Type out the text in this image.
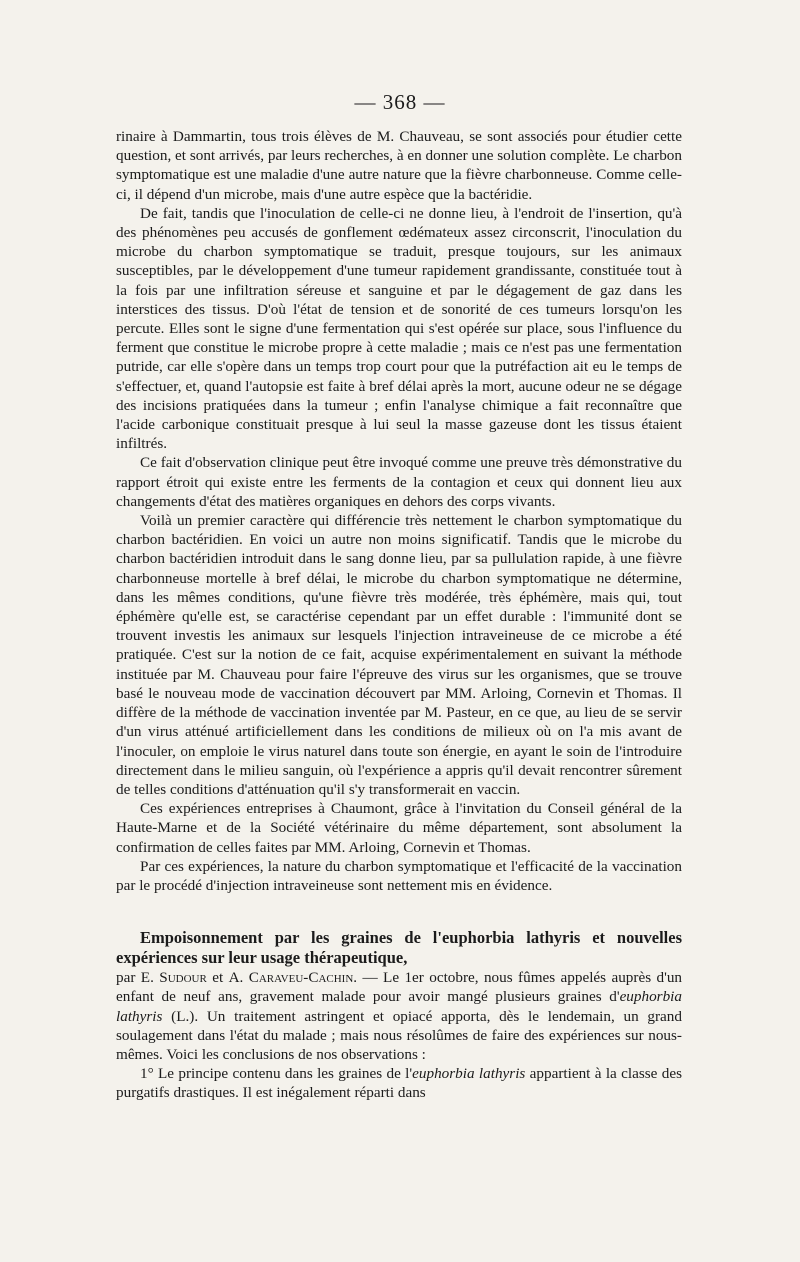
— 368 —

rinaire à Dammartin, tous trois élèves de M. Chauveau, se sont associés pour étudier cette question, et sont arrivés, par leurs recherches, à en donner une solution complète. Le charbon symptomatique est une maladie d'une autre nature que la fièvre charbonneuse. Comme celle-ci, il dépend d'un microbe, mais d'une autre espèce que la bactéridie.

De fait, tandis que l'inoculation de celle-ci ne donne lieu, à l'endroit de l'insertion, qu'à des phénomènes peu accusés de gonflement œdémateux assez circonscrit, l'inoculation du microbe du charbon symptomatique se traduit, presque toujours, sur les animaux susceptibles, par le développement d'une tumeur rapidement grandissante, constituée tout à la fois par une infiltration séreuse et sanguine et par le dégagement de gaz dans les interstices des tissus. D'où l'état de tension et de sonorité de ces tumeurs lorsqu'on les percute. Elles sont le signe d'une fermentation qui s'est opérée sur place, sous l'influence du ferment que constitue le microbe propre à cette maladie ; mais ce n'est pas une fermentation putride, car elle s'opère dans un temps trop court pour que la putréfaction ait eu le temps de s'effectuer, et, quand l'autopsie est faite à bref délai après la mort, aucune odeur ne se dégage des incisions pratiquées dans la tumeur ; enfin l'analyse chimique a fait reconnaître que l'acide carbonique constituait presque à lui seul la masse gazeuse dont les tissus étaient infiltrés.

Ce fait d'observation clinique peut être invoqué comme une preuve très démonstrative du rapport étroit qui existe entre les ferments de la contagion et ceux qui donnent lieu aux changements d'état des matières organiques en dehors des corps vivants.

Voilà un premier caractère qui différencie très nettement le charbon symptomatique du charbon bactéridien. En voici un autre non moins significatif. Tandis que le microbe du charbon bactéridien introduit dans le sang donne lieu, par sa pullulation rapide, à une fièvre charbonneuse mortelle à bref délai, le microbe du charbon symptomatique ne détermine, dans les mêmes conditions, qu'une fièvre très modérée, très éphémère, mais qui, tout éphémère qu'elle est, se caractérise cependant par un effet durable : l'immunité dont se trouvent investis les animaux sur lesquels l'injection intraveineuse de ce microbe a été pratiquée. C'est sur la notion de ce fait, acquise expérimentalement en suivant la méthode instituée par M. Chauveau pour faire l'épreuve des virus sur les organismes, que se trouve basé le nouveau mode de vaccination découvert par MM. Arloing, Cornevin et Thomas. Il diffère de la méthode de vaccination inventée par M. Pasteur, en ce que, au lieu de se servir d'un virus atténué artificiellement dans les conditions de milieux où on l'a mis avant de l'inoculer, on emploie le virus naturel dans toute son énergie, en ayant le soin de l'introduire directement dans le milieu sanguin, où l'expérience a appris qu'il devait rencontrer sûrement de telles conditions d'atténuation qu'il s'y transformerait en vaccin.

Ces expériences entreprises à Chaumont, grâce à l'invitation du Conseil général de la Haute-Marne et de la Société vétérinaire du même département, sont absolument la confirmation de celles faites par MM. Arloing, Cornevin et Thomas.

Par ces expériences, la nature du charbon symptomatique et l'efficacité de la vaccination par le procédé d'injection intraveineuse sont nettement mis en évidence.

Empoisonnement par les graines de l'euphorbia lathyris et nouvelles expériences sur leur usage thérapeutique,

par E. Sudour et A. Caraveu-Cachin. — Le 1er octobre, nous fûmes appelés auprès d'un enfant de neuf ans, gravement malade pour avoir mangé plusieurs graines d'euphorbia lathyris (L.). Un traitement astringent et opiacé apporta, dès le lendemain, un grand soulagement dans l'état du malade ; mais nous résolûmes de faire des expériences sur nous-mêmes. Voici les conclusions de nos observations :

1° Le principe contenu dans les graines de l'euphorbia lathyris appartient à la classe des purgatifs drastiques. Il est inégalement réparti dans
